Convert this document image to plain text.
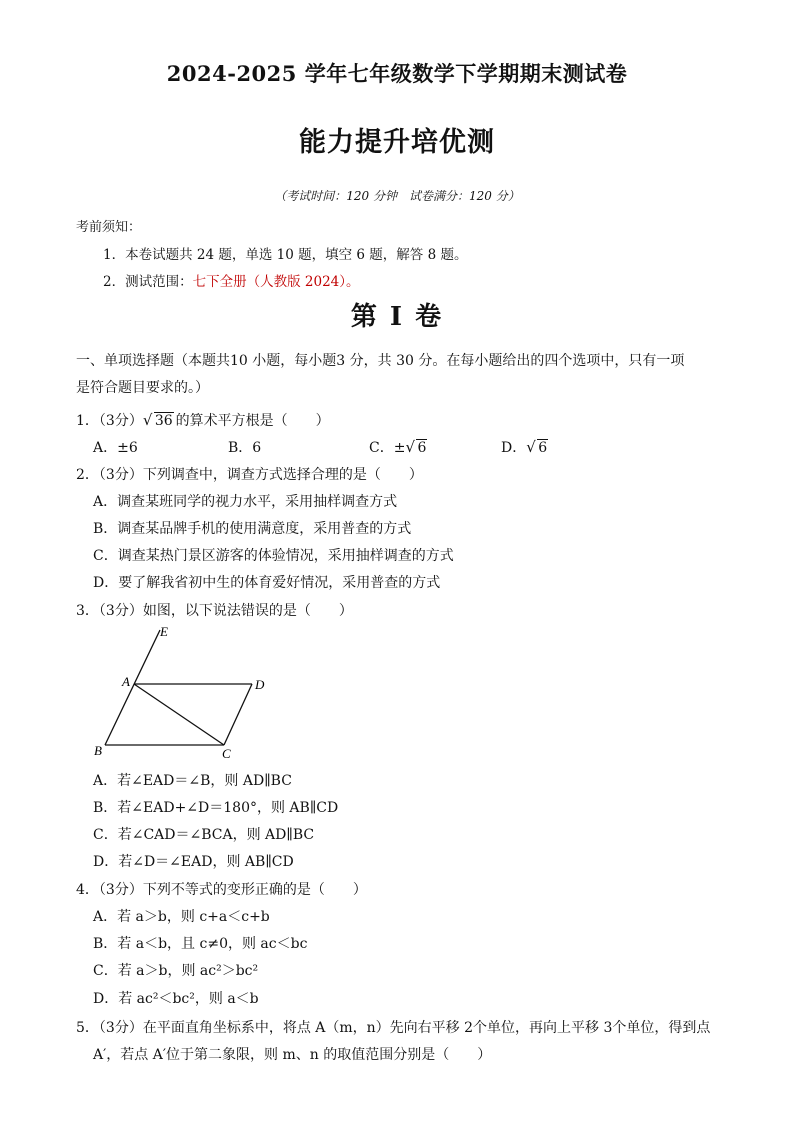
2024-2025 学年七年级数学下学期期末测试卷
能力提升培优测
（考试时间：120 分钟　试卷满分：120 分）
考前须知：
1．本卷试题共 24 题，单选 10 题，填空 6 题，解答 8 题。
2．测试范围：七下全册（人教版 2024）。
第 I 卷
一、单项选择题（本题共10 小题，每小题3 分，共 30 分。在每小题给出的四个选项中，只有一项
是符合题目要求的。）
1．（3分） √ 36 的算术平方根是（　　）
A．±6	B．6	C．± √ 6	D． √ 6
2．（3分）下列调查中，调查方式选择合理的是（　　）
A．调查某班同学的视力水平，采用抽样调查方式
B．调查某品牌手机的使用满意度，采用普查的方式
C．调查某热门景区游客的体验情况，采用抽样调查的方式
D．要了解我省初中生的体育爱好情况，采用普查的方式
3．（3分）如图，以下说法错误的是（　　）
E
A	D
B	C
A．若∠EAD＝∠B，则 AD∥BC
B．若∠EAD+∠D＝180°，则 AB∥CD
C．若∠CAD＝∠BCA，则 AD∥BC
D．若∠D＝∠EAD，则 AB∥CD
4．（3分）下列不等式的变形正确的是（　　）
A．若 a＞b，则 c+a＜c+b
B．若 a＜b，且 c≠0，则 ac＜bc
C．若 a＞b，则 ac²＞bc²
D．若 ac²＜bc²，则 a＜b
5．（3分）在平面直角坐标系中，将点 A（m，n）先向右平移 2个单位，再向上平移 3个单位，得到点
A′，若点 A′位于第二象限，则 m、n 的取值范围分别是（　　）
